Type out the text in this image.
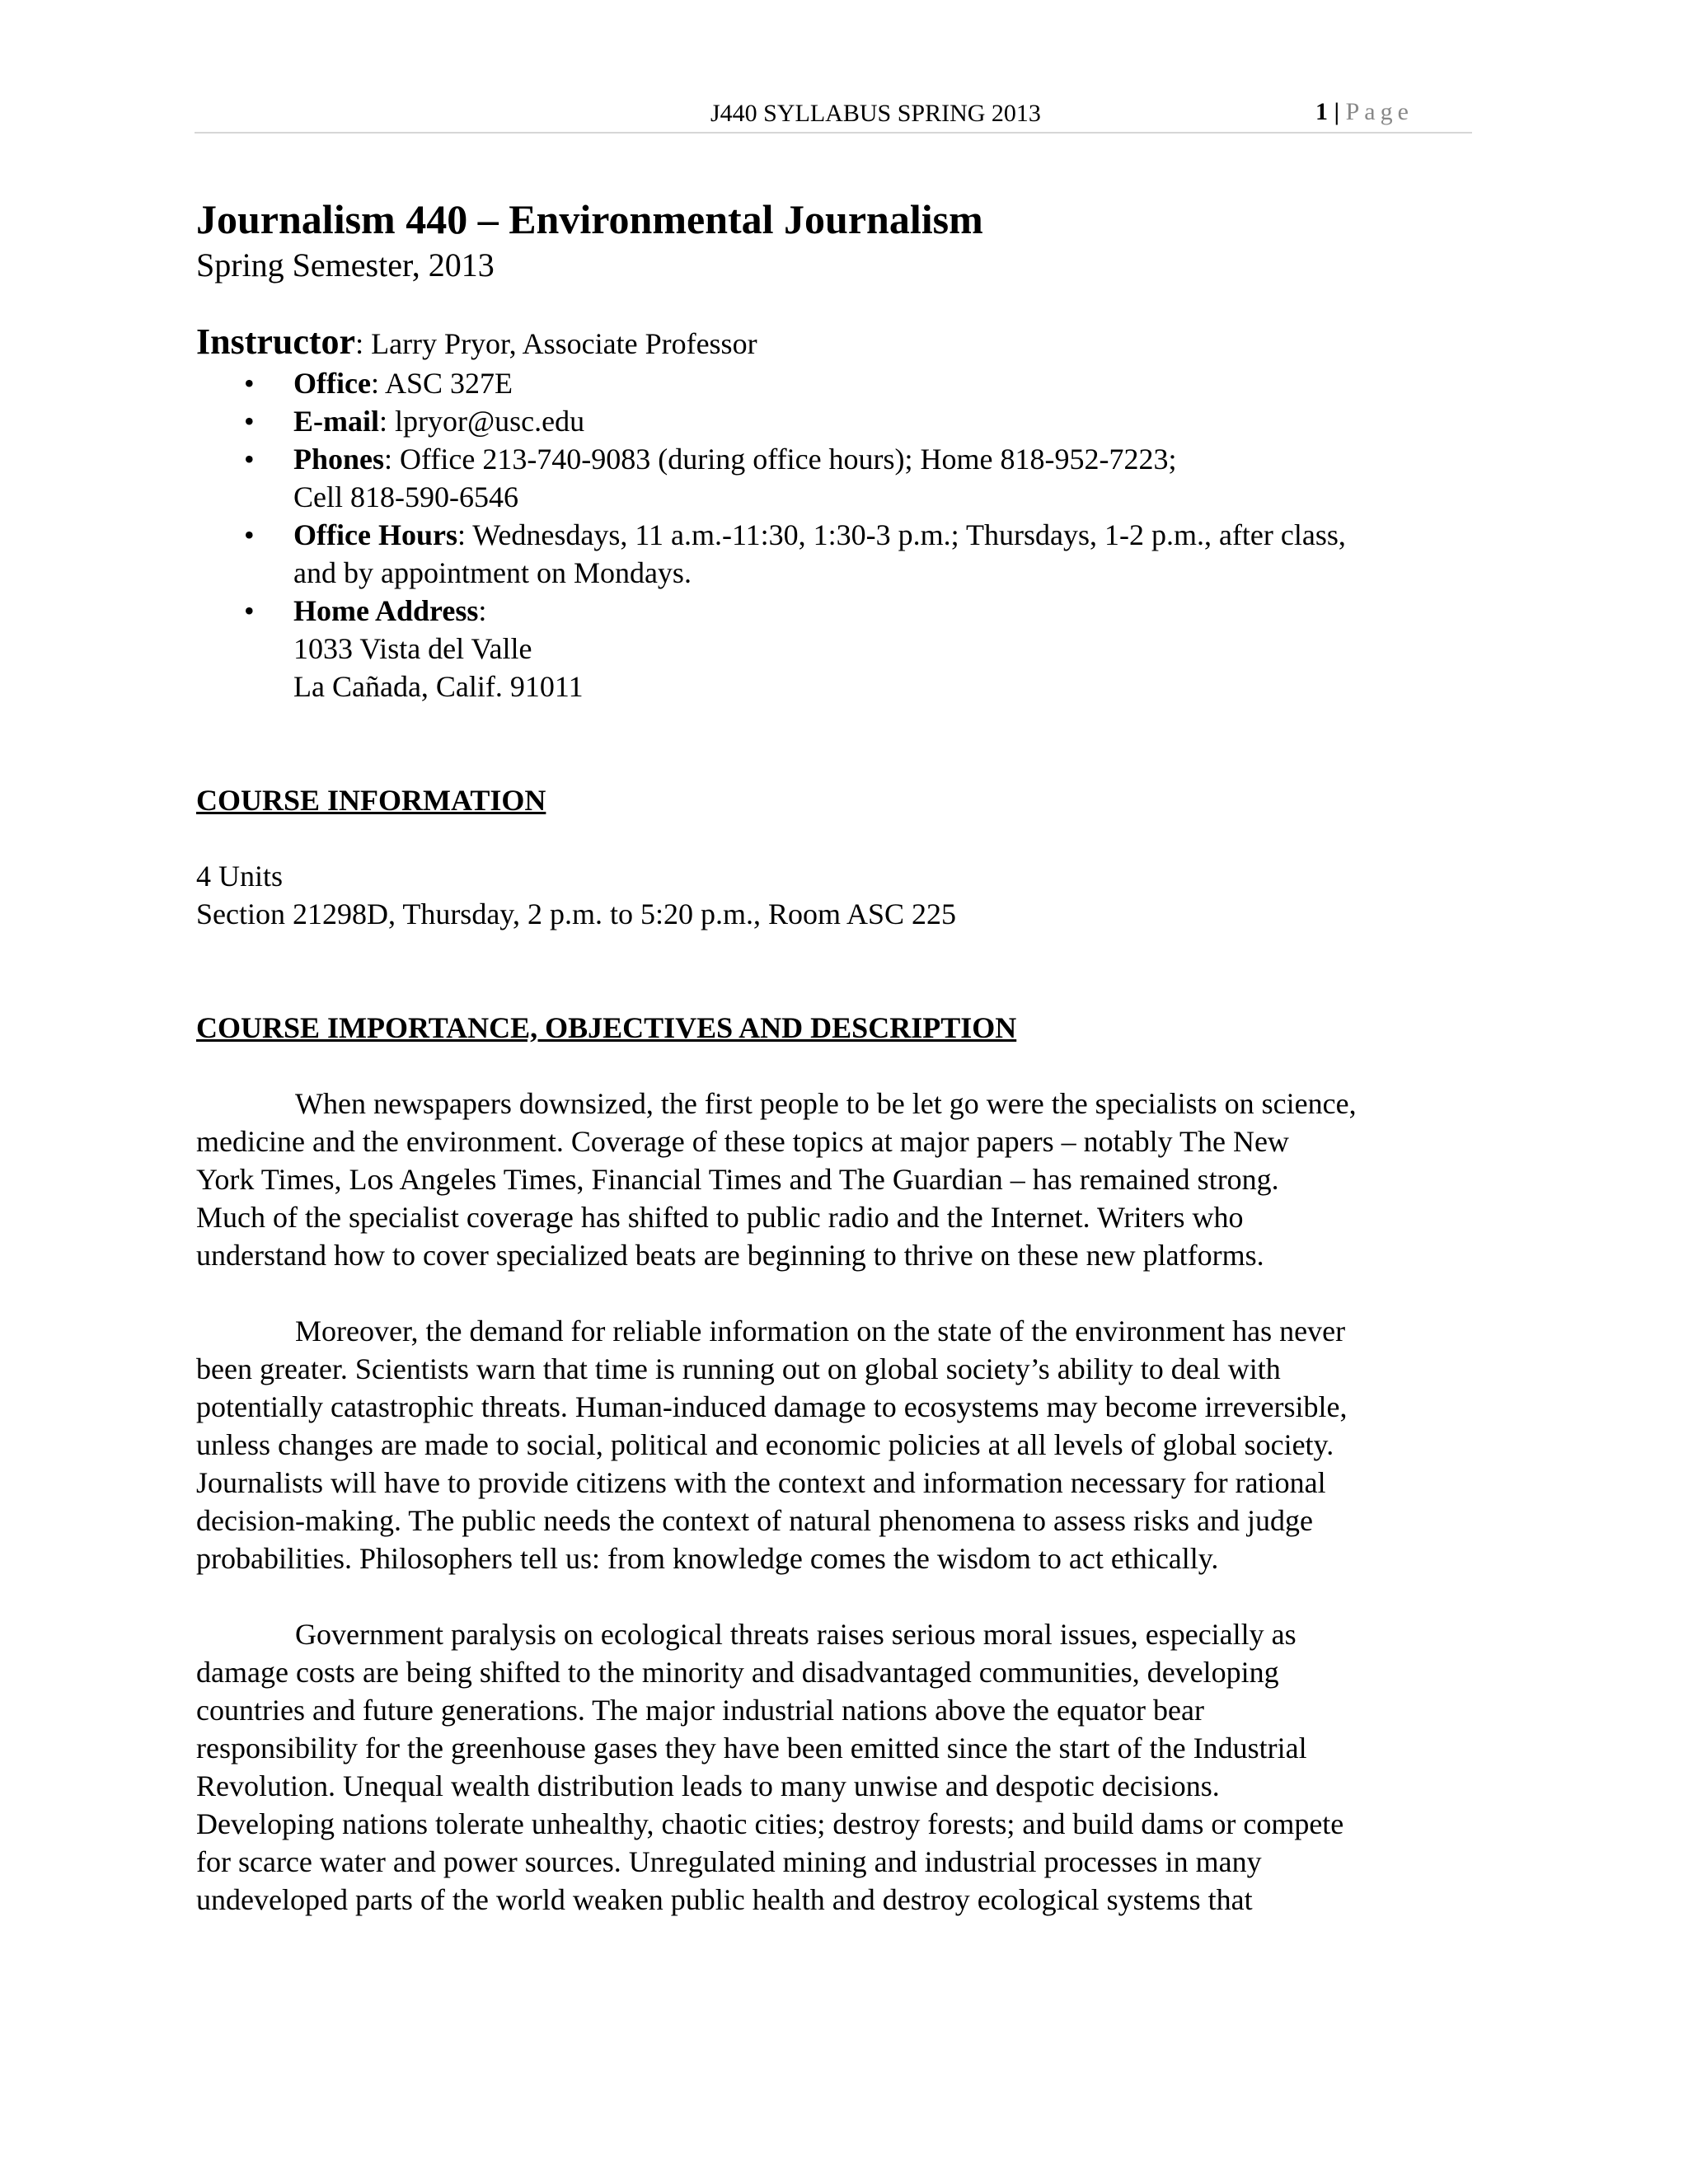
J440 SYLLABUS SPRING 2013	1 | Page
Journalism 440 – Environmental Journalism
Spring Semester, 2013
Instructor: Larry Pryor, Associate Professor
• Office: ASC 327E
• E-mail: lpryor@usc.edu
• Phones: Office 213-740-9083 (during office hours); Home 818-952-7223;
Cell 818-590-6546
• Office Hours: Wednesdays, 11 a.m.-11:30, 1:30-3 p.m.; Thursdays, 1-2 p.m., after class,
and by appointment on Mondays.
• Home Address:
1033 Vista del Valle
La Cañada, Calif. 91011
COURSE INFORMATION
4 Units
Section 21298D, Thursday, 2 p.m. to 5:20 p.m., Room ASC 225
COURSE IMPORTANCE, OBJECTIVES AND DESCRIPTION
When newspapers downsized, the first people to be let go were the specialists on science,
medicine and the environment. Coverage of these topics at major papers – notably The New
York Times, Los Angeles Times, Financial Times and The Guardian – has remained strong.
Much of the specialist coverage has shifted to public radio and the Internet. Writers who
understand how to cover specialized beats are beginning to thrive on these new platforms.
Moreover, the demand for reliable information on the state of the environment has never
been greater. Scientists warn that time is running out on global society’s ability to deal with
potentially catastrophic threats. Human-induced damage to ecosystems may become irreversible,
unless changes are made to social, political and economic policies at all levels of global society.
Journalists will have to provide citizens with the context and information necessary for rational
decision-making. The public needs the context of natural phenomena to assess risks and judge
probabilities. Philosophers tell us: from knowledge comes the wisdom to act ethically.
Government paralysis on ecological threats raises serious moral issues, especially as
damage costs are being shifted to the minority and disadvantaged communities, developing
countries and future generations. The major industrial nations above the equator bear
responsibility for the greenhouse gases they have been emitted since the start of the Industrial
Revolution. Unequal wealth distribution leads to many unwise and despotic decisions.
Developing nations tolerate unhealthy, chaotic cities; destroy forests; and build dams or compete
for scarce water and power sources. Unregulated mining and industrial processes in many
undeveloped parts of the world weaken public health and destroy ecological systems that
